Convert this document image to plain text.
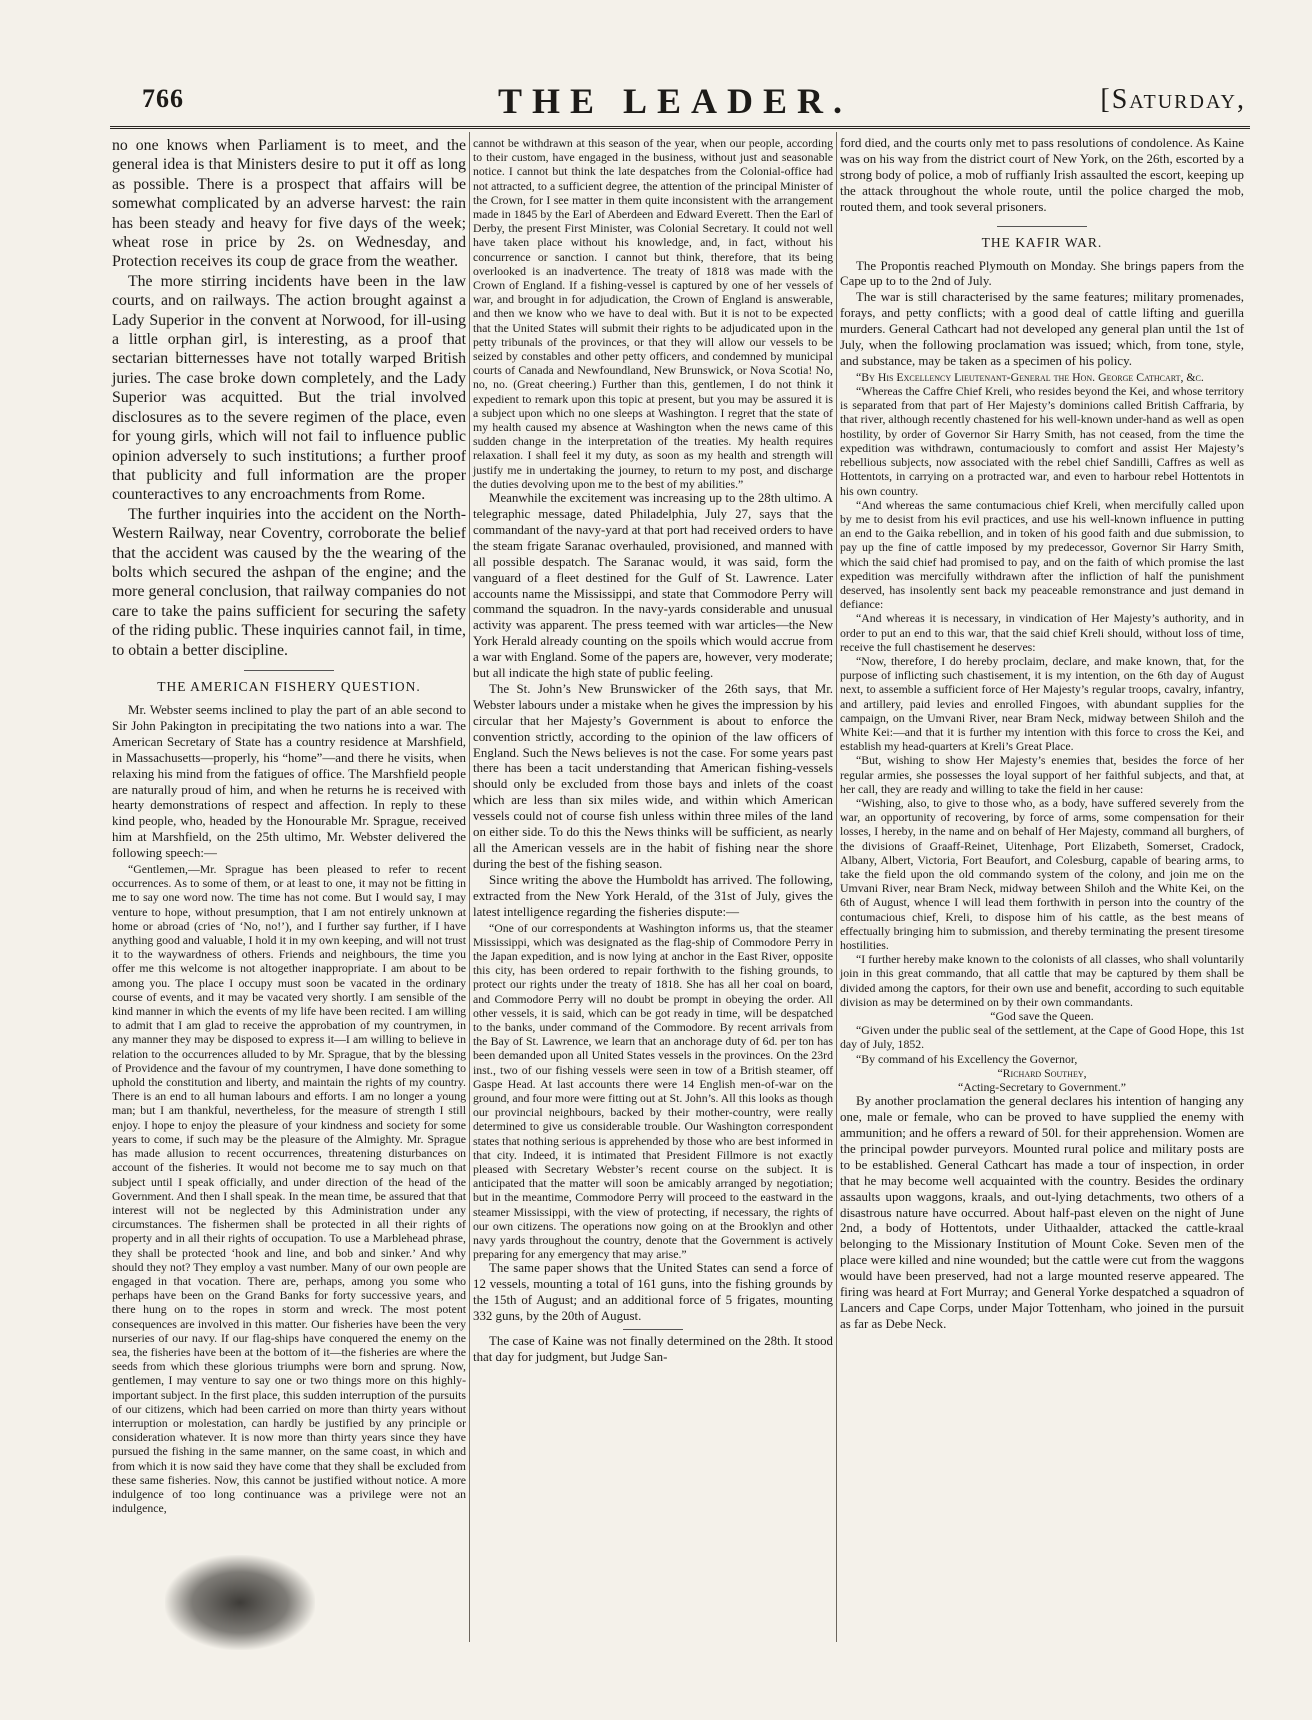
766	THE LEADER.	[Saturday,

no one knows when Parliament is to meet, and the general idea is that Ministers desire to put it off as long as possible. There is a prospect that affairs will be somewhat complicated by an adverse harvest: the rain has been steady and heavy for five days of the week; wheat rose in price by 2s. on Wednesday, and Protection receives its coup de grace from the weather.

The more stirring incidents have been in the law courts, and on railways. The action brought against a Lady Superior in the convent at Norwood, for ill-using a little orphan girl, is interesting, as a proof that sectarian bitternesses have not totally warped British juries. The case broke down completely, and the Lady Superior was acquitted. But the trial involved disclosures as to the severe regimen of the place, even for young girls, which will not fail to influence public opinion adversely to such institutions; a further proof that publicity and full information are the proper counteractives to any encroachments from Rome.

The further inquiries into the accident on the North-Western Railway, near Coventry, corroborate the belief that the accident was caused by the the wearing of the bolts which secured the ashpan of the engine; and the more general conclusion, that railway companies do not care to take the pains sufficient for securing the safety of the riding public. These inquiries cannot fail, in time, to obtain a better discipline.

THE AMERICAN FISHERY QUESTION.

Mr. Webster seems inclined to play the part of an able second to Sir John Pakington in precipitating the two nations into a war. The American Secretary of State has a country residence at Marshfield, in Massachusetts—properly, his “home”—and there he visits, when relaxing his mind from the fatigues of office. The Marshfield people are naturally proud of him, and when he returns he is received with hearty demonstrations of respect and affection. In reply to these kind people, who, headed by the Honourable Mr. Sprague, received him at Marshfield, on the 25th ultimo, Mr. Webster delivered the following speech:—

“Gentlemen,—Mr. Sprague has been pleased to refer to recent occurrences. As to some of them, or at least to one, it may not be fitting in me to say one word now. The time has not come. But I would say, I may venture to hope, without presumption, that I am not entirely unknown at home or abroad (cries of ‘No, no!’), and I further say further, if I have anything good and valuable, I hold it in my own keeping, and will not trust it to the waywardness of others. Friends and neighbours, the time you offer me this welcome is not altogether inappropriate. I am about to be among you. The place I occupy must soon be vacated in the ordinary course of events, and it may be vacated very shortly. I am sensible of the kind manner in which the events of my life have been recited. I am willing to admit that I am glad to receive the approbation of my countrymen, in any manner they may be disposed to express it—I am willing to believe in relation to the occurrences alluded to by Mr. Sprague, that by the blessing of Providence and the favour of my countrymen, I have done something to uphold the constitution and liberty, and maintain the rights of my country. There is an end to all human labours and efforts. I am no longer a young man; but I am thankful, nevertheless, for the measure of strength I still enjoy. I hope to enjoy the pleasure of your kindness and society for some years to come, if such may be the pleasure of the Almighty. Mr. Sprague has made allusion to recent occurrences, threatening disturbances on account of the fisheries. It would not become me to say much on that subject until I speak officially, and under direction of the head of the Government. And then I shall speak. In the mean time, be assured that that interest will not be neglected by this Administration under any circumstances. The fishermen shall be protected in all their rights of property and in all their rights of occupation. To use a Marblehead phrase, they shall be protected ‘hook and line, and bob and sinker.’ And why should they not? They employ a vast number. Many of our own people are engaged in that vocation. There are, perhaps, among you some who perhaps have been on the Grand Banks for forty successive years, and there hung on to the ropes in storm and wreck. The most potent consequences are involved in this matter. Our fisheries have been the very nurseries of our navy. If our flag-ships have conquered the enemy on the sea, the fisheries have been at the bottom of it—the fisheries are where the seeds from which these glorious triumphs were born and sprung. Now, gentlemen, I may venture to say one or two things more on this highly-important subject. In the first place, this sudden interruption of the pursuits of our citizens, which had been carried on more than thirty years without interruption or molestation, can hardly be justified by any principle or consideration whatever. It is now more than thirty years since they have pursued the fishing in the same manner, on the same coast, in which and from which it is now said they have come that they shall be excluded from these same fisheries. Now, this cannot be justified without notice. A more indulgence of too long continuance was a privilege were not an indulgence,

cannot be withdrawn at this season of the year, when our people, according to their custom, have engaged in the business, without just and seasonable notice. I cannot but think the late despatches from the Colonial-office had not attracted, to a sufficient degree, the attention of the principal Minister of the Crown, for I see matter in them quite inconsistent with the arrangement made in 1845 by the Earl of Aberdeen and Edward Everett. Then the Earl of Derby, the present First Minister, was Colonial Secretary. It could not well have taken place without his knowledge, and, in fact, without his concurrence or sanction. I cannot but think, therefore, that its being overlooked is an inadvertence. The treaty of 1818 was made with the Crown of England. If a fishing-vessel is captured by one of her vessels of war, and brought in for adjudication, the Crown of England is answerable, and then we know who we have to deal with. But it is not to be expected that the United States will submit their rights to be adjudicated upon in the petty tribunals of the provinces, or that they will allow our vessels to be seized by constables and other petty officers, and condemned by municipal courts of Canada and Newfoundland, New Brunswick, or Nova Scotia! No, no, no. (Great cheering.) Further than this, gentlemen, I do not think it expedient to remark upon this topic at present, but you may be assured it is a subject upon which no one sleeps at Washington. I regret that the state of my health caused my absence at Washington when the news came of this sudden change in the interpretation of the treaties. My health requires relaxation. I shall feel it my duty, as soon as my health and strength will justify me in undertaking the journey, to return to my post, and discharge the duties devolving upon me to the best of my abilities.”

Meanwhile the excitement was increasing up to the 28th ultimo. A telegraphic message, dated Philadelphia, July 27, says that the commandant of the navy-yard at that port had received orders to have the steam frigate Saranac overhauled, provisioned, and manned with all possible despatch. The Saranac would, it was said, form the vanguard of a fleet destined for the Gulf of St. Lawrence. Later accounts name the Mississippi, and state that Commodore Perry will command the squadron. In the navy-yards considerable and unusual activity was apparent. The press teemed with war articles—the New York Herald already counting on the spoils which would accrue from a war with England. Some of the papers are, however, very moderate; but all indicate the high state of public feeling.

The St. John’s New Brunswicker of the 26th says, that Mr. Webster labours under a mistake when he gives the impression by his circular that her Majesty’s Government is about to enforce the convention strictly, according to the opinion of the law officers of England. Such the News believes is not the case. For some years past there has been a tacit understanding that American fishing-vessels should only be excluded from those bays and inlets of the coast which are less than six miles wide, and within which American vessels could not of course fish unless within three miles of the land on either side. To do this the News thinks will be sufficient, as nearly all the American vessels are in the habit of fishing near the shore during the best of the fishing season.

Since writing the above the Humboldt has arrived. The following, extracted from the New York Herald, of the 31st of July, gives the latest intelligence regarding the fisheries dispute:—

“One of our correspondents at Washington informs us, that the steamer Mississippi, which was designated as the flag-ship of Commodore Perry in the Japan expedition, and is now lying at anchor in the East River, opposite this city, has been ordered to repair forthwith to the fishing grounds, to protect our rights under the treaty of 1818. She has all her coal on board, and Commodore Perry will no doubt be prompt in obeying the order. All other vessels, it is said, which can be got ready in time, will be despatched to the banks, under command of the Commodore. By recent arrivals from the Bay of St. Lawrence, we learn that an anchorage duty of 6d. per ton has been demanded upon all United States vessels in the provinces. On the 23rd inst., two of our fishing vessels were seen in tow of a British steamer, off Gaspe Head. At last accounts there were 14 English men-of-war on the ground, and four more were fitting out at St. John’s. All this looks as though our provincial neighbours, backed by their mother-country, were really determined to give us considerable trouble. Our Washington correspondent states that nothing serious is apprehended by those who are best informed in that city. Indeed, it is intimated that President Fillmore is not exactly pleased with Secretary Webster’s recent course on the subject. It is anticipated that the matter will soon be amicably arranged by negotiation; but in the meantime, Commodore Perry will proceed to the eastward in the steamer Mississippi, with the view of protecting, if necessary, the rights of our own citizens. The operations now going on at the Brooklyn and other navy yards throughout the country, denote that the Government is actively preparing for any emergency that may arise.”

The same paper shows that the United States can send a force of 12 vessels, mounting a total of 161 guns, into the fishing grounds by the 15th of August; and an additional force of 5 frigates, mounting 332 guns, by the 20th of August.

The case of Kaine was not finally determined on the 28th. It stood that day for judgment, but Judge San-

ford died, and the courts only met to pass resolutions of condolence. As Kaine was on his way from the district court of New York, on the 26th, escorted by a strong body of police, a mob of ruffianly Irish assaulted the escort, keeping up the attack throughout the whole route, until the police charged the mob, routed them, and took several prisoners.

THE KAFIR WAR.

The Propontis reached Plymouth on Monday. She brings papers from the Cape up to to the 2nd of July.

The war is still characterised by the same features; military promenades, forays, and petty conflicts; with a good deal of cattle lifting and guerilla murders. General Cathcart had not developed any general plan until the 1st of July, when the following proclamation was issued; which, from tone, style, and substance, may be taken as a specimen of his policy.

“By His Excellency Lieutenant-General the Hon. George Cathcart, &c.

“Whereas the Caffre Chief Kreli, who resides beyond the Kei, and whose territory is separated from that part of Her Majesty’s dominions called British Caffraria, by that river, although recently chastened for his well-known under-hand as well as open hostility, by order of Governor Sir Harry Smith, has not ceased, from the time the expedition was withdrawn, contumaciously to comfort and assist Her Majesty’s rebellious subjects, now associated with the rebel chief Sandilli, Caffres as well as Hottentots, in carrying on a protracted war, and even to harbour rebel Hottentots in his own country.

“And whereas the same contumacious chief Kreli, when mercifully called upon by me to desist from his evil practices, and use his well-known influence in putting an end to the Gaika rebellion, and in token of his good faith and due submission, to pay up the fine of cattle imposed by my predecessor, Governor Sir Harry Smith, which the said chief had promised to pay, and on the faith of which promise the last expedition was mercifully withdrawn after the infliction of half the punishment deserved, has insolently sent back my peaceable remonstrance and just demand in defiance:

“And whereas it is necessary, in vindication of Her Majesty’s authority, and in order to put an end to this war, that the said chief Kreli should, without loss of time, receive the full chastisement he deserves:

“Now, therefore, I do hereby proclaim, declare, and make known, that, for the purpose of inflicting such chastisement, it is my intention, on the 6th day of August next, to assemble a sufficient force of Her Majesty’s regular troops, cavalry, infantry, and artillery, paid levies and enrolled Fingoes, with abundant supplies for the campaign, on the Umvani River, near Bram Neck, midway between Shiloh and the White Kei:—and that it is further my intention with this force to cross the Kei, and establish my head-quarters at Kreli’s Great Place.

“But, wishing to show Her Majesty’s enemies that, besides the force of her regular armies, she possesses the loyal support of her faithful subjects, and that, at her call, they are ready and willing to take the field in her cause:

“Wishing, also, to give to those who, as a body, have suffered severely from the war, an opportunity of recovering, by force of arms, some compensation for their losses, I hereby, in the name and on behalf of Her Majesty, command all burghers, of the divisions of Graaff-Reinet, Uitenhage, Port Elizabeth, Somerset, Cradock, Albany, Albert, Victoria, Fort Beaufort, and Colesburg, capable of bearing arms, to take the field upon the old commando system of the colony, and join me on the Umvani River, near Bram Neck, midway between Shiloh and the White Kei, on the 6th of August, whence I will lead them forthwith in person into the country of the contumacious chief, Kreli, to dispose him of his cattle, as the best means of effectually bringing him to submission, and thereby terminating the present tiresome hostilities.

“I further hereby make known to the colonists of all classes, who shall voluntarily join in this great commando, that all cattle that may be captured by them shall be divided among the captors, for their own use and benefit, according to such equitable division as may be determined on by their own commandants.

“God save the Queen.

“Given under the public seal of the settlement, at the Cape of Good Hope, this 1st day of July, 1852.

“By command of his Excellency the Governor,

“Richard Southey,

“Acting-Secretary to Government.”

By another proclamation the general declares his intention of hanging any one, male or female, who can be proved to have supplied the enemy with ammunition; and he offers a reward of 50l. for their apprehension. Women are the principal powder purveyors. Mounted rural police and military posts are to be established. General Cathcart has made a tour of inspection, in order that he may become well acquainted with the country. Besides the ordinary assaults upon waggons, kraals, and out-lying detachments, two others of a disastrous nature have occurred. About half-past eleven on the night of June 2nd, a body of Hottentots, under Uithaalder, attacked the cattle-kraal belonging to the Missionary Institution of Mount Coke. Seven men of the place were killed and nine wounded; but the cattle were cut from the waggons would have been preserved, had not a large mounted reserve appeared. The firing was heard at Fort Murray; and General Yorke despatched a squadron of Lancers and Cape Corps, under Major Tottenham, who joined in the pursuit as far as Debe Neck.
